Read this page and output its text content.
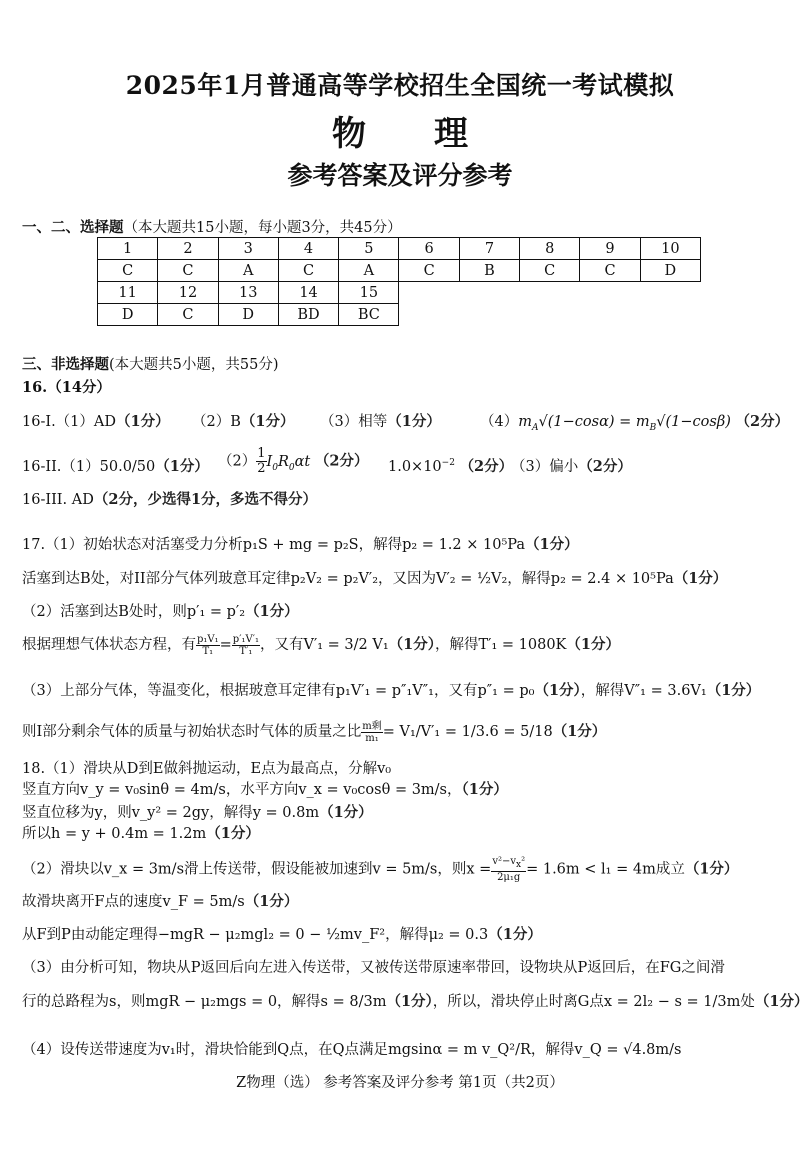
2025年1月普通高等学校招生全国统一考试模拟
物 理
参考答案及评分参考
一、二、选择题（本大题共15小题，每小题3分，共45分）
1	2	3	4	5	6	7	8	9	10
C	C	A	C	A	C	B	C	C	D
11	12	13	14	15					
D	C	D	BD	BC					
三、非选择题(本大题共5小题，共55分)
16.（14分）
16-I.（1）AD（1分） （2）B（1分） （3）相等（1分）	$(4)m_A√(1-\cos\alpha) = m_B√(1-\cos\beta)$ （2分）
16-II.（1）50.0/50（1分） $(2) \frac{1}{2} I_0R_0\alpha t$ （2分） $1.0\times 10^{-2}$ （2分）
（3）偏小（2分）
16-III. AD（2分，少选得1分，多选不得分）
17.（1）初始状态对活塞受力分析p₁S + mg = p₂S，解得p₂ = 1.2 × 10⁵Pa（1分）
活塞到达B处，对II部分气体列玻意耳定律p₂V₂ = p₂V′₂，又因为V′₂ = ½V₂，解得p₂ = 2.4 × 10⁵Pa（1分）
（2）活塞到达B处时，则p′₁ = p′₂（1分）
根据理想气体状态方程，有 $\frac{\text{p₁V₁}}{\text{T₁}} = \frac{\text{p′₁V′₁}}{\text{T′₁}}$ ，又有V′₁ = 3/2 V₁（1分），解得T′₁ = 1080K（1分）
（3）上部分气体，等温变化，根据玻意耳定律有p₁V′₁ = p″₁V″₁，又有p″₁ = p₀（1分），解得V″₁ = 3.6V₁（1分）
则I部分剩余气体的质量与初始状态时气体的质量之比 $\frac{\text{m剩}}{\text{m₁}} = V_1/V'_1 = 1/3.6 = 5/18(1$分）
18.（1）滑块从D到E做斜抛运动，E点为最高点，分解v₀
竖直方向v_y = v₀sinθ = 4m/s，水平方向v_x = v₀cosθ = 3m/s，（1分）
竖直位移为y，则v_y² = 2gy，解得y = 0.8m（1分）
所以h = y + 0.4m = 1.2m（1分）
（2）滑块以v_x = 3m/s滑上传送带，假设能被加速到v = 5m/s，则$x = \frac{v^2-v_x^2}{\text{2μ₁g}} = 1.6m < l_1 = 4m$成立（1分）
故滑块离开F点的速度v_F = 5m/s（1分）
从F到P由动能定理得−mgR − μ₂mgl₂ = 0 − ½mv_F²，解得μ₂ = 0.3（1分）
（3）由分析可知，物块从P返回后向左进入传送带，又被传送带原速率带回，设物块从P返回后，在FG之间滑
行的总路程为s，则mgR − μ₂mgs = 0，解得s = 8/3m（1分），所以，滑块停止时离G点x = 2l₂ − s = 1/3m处（1分）
（4）设传送带速度为v₁时，滑块恰能到Q点，在Q点满足mgsinα = m v_Q²/R，解得v_Q = √4.8m/s
Z物理（选） 参考答案及评分参考 第1页（共2页）
